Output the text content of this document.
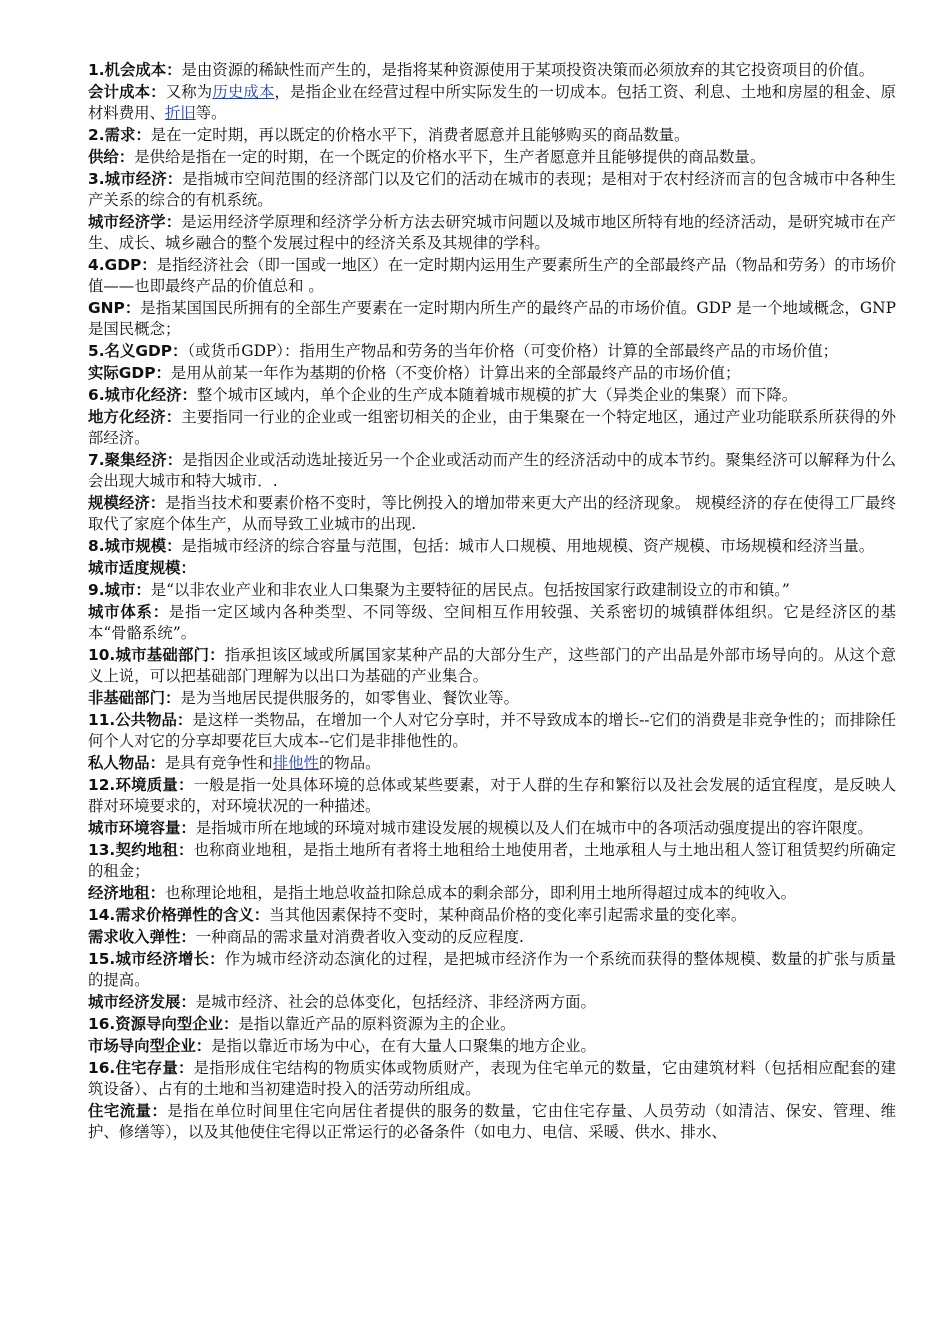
1.机会成本：是由资源的稀缺性而产生的，是指将某种资源使用于某项投资决策而必须放弃的其它投资项目的价值。
会计成本：又称为历史成本，是指企业在经营过程中所实际发生的一切成本。包括工资、利息、土地和房屋的租金、原材料费用、折旧等。
2.需求：是在一定时期，再以既定的价格水平下，消费者愿意并且能够购买的商品数量。
供给：是供给是指在一定的时期，在一个既定的价格水平下，生产者愿意并且能够提供的商品数量。
3.城市经济：是指城市空间范围的经济部门以及它们的活动在城市的表现；是相对于农村经济而言的包含城市中各种生产关系的综合的有机系统。
城市经济学：是运用经济学原理和经济学分析方法去研究城市问题以及城市地区所特有地的经济活动，是研究城市在产生、成长、城乡融合的整个发展过程中的经济关系及其规律的学科。
4.GDP：是指经济社会（即一国或一地区）在一定时期内运用生产要素所生产的全部最终产品（物品和劳务）的市场价值——也即最终产品的价值总和 。
GNP：是指某国国民所拥有的全部生产要素在一定时期内所生产的最终产品的市场价值。GDP 是一个地域概念，GNP 是国民概念；
5.名义GDP：（或货币GDP）：指用生产物品和劳务的当年价格（可变价格）计算的全部最终产品的市场价值；
实际GDP：是用从前某一年作为基期的价格（不变价格）计算出来的全部最终产品的市场价值；
6.城市化经济：整个城市区域内，单个企业的生产成本随着城市规模的扩大（异类企业的集聚）而下降。
地方化经济：主要指同一行业的企业或一组密切相关的企业，由于集聚在一个特定地区，通过产业功能联系所获得的外部经济。
7.聚集经济：是指因企业或活动选址接近另一个企业或活动而产生的经济活动中的成本节约。聚集经济可以解释为什么会出现大城市和特大城市．.
规模经济：是指当技术和要素价格不变时，等比例投入的增加带来更大产出的经济现象。 规模经济的存在使得工厂最终取代了家庭个体生产，从而导致工业城市的出现.
8.城市规模：是指城市经济的综合容量与范围，包括：城市人口规模、用地规模、资产规模、市场规模和经济当量。
城市适度规模：
9.城市：是“以非农业产业和非农业人口集聚为主要特征的居民点。包括按国家行政建制设立的市和镇。”
城市体系：是指一定区域内各种类型、不同等级、空间相互作用较强、关系密切的城镇群体组织。它是经济区的基本“骨骼系统”。
10.城市基础部门：指承担该区域或所属国家某种产品的大部分生产，这些部门的产出品是外部市场导向的。从这个意义上说，可以把基础部门理解为以出口为基础的产业集合。
非基础部门：是为当地居民提供服务的，如零售业、餐饮业等。
11.公共物品：是这样一类物品，在增加一个人对它分享时，并不导致成本的增长--它们的消费是非竞争性的；而排除任何个人对它的分享却要花巨大成本--它们是非排他性的。
私人物品：是具有竞争性和排他性的物品。
12.环境质量：一般是指一处具体环境的总体或某些要素，对于人群的生存和繁衍以及社会发展的适宜程度，是反映人群对环境要求的，对环境状况的一种描述。
城市环境容量：是指城市所在地域的环境对城市建设发展的规模以及人们在城市中的各项活动强度提出的容许限度。
13.契约地租：也称商业地租，是指土地所有者将土地租给土地使用者，土地承租人与土地出租人签订租赁契约所确定的租金；
经济地租：也称理论地租，是指土地总收益扣除总成本的剩余部分，即利用土地所得超过成本的纯收入。
14.需求价格弹性的含义：当其他因素保持不变时，某种商品价格的变化率引起需求量的变化率。
需求收入弹性：一种商品的需求量对消费者收入变动的反应程度.
15.城市经济增长：作为城市经济动态演化的过程，是把城市经济作为一个系统而获得的整体规模、数量的扩张与质量的提高。
城市经济发展：是城市经济、社会的总体变化，包括经济、非经济两方面。
16.资源导向型企业：是指以靠近产品的原料资源为主的企业。
市场导向型企业：是指以靠近市场为中心，在有大量人口聚集的地方企业。
16.住宅存量：是指形成住宅结构的物质实体或物质财产，表现为住宅单元的数量，它由建筑材料（包括相应配套的建筑设备）、占有的土地和当初建造时投入的活劳动所组成。
住宅流量：是指在单位时间里住宅向居住者提供的服务的数量，它由住宅存量、人员劳动（如清洁、保安、管理、维护、修缮等），以及其他使住宅得以正常运行的必备条件（如电力、电信、采暖、供水、排水、
